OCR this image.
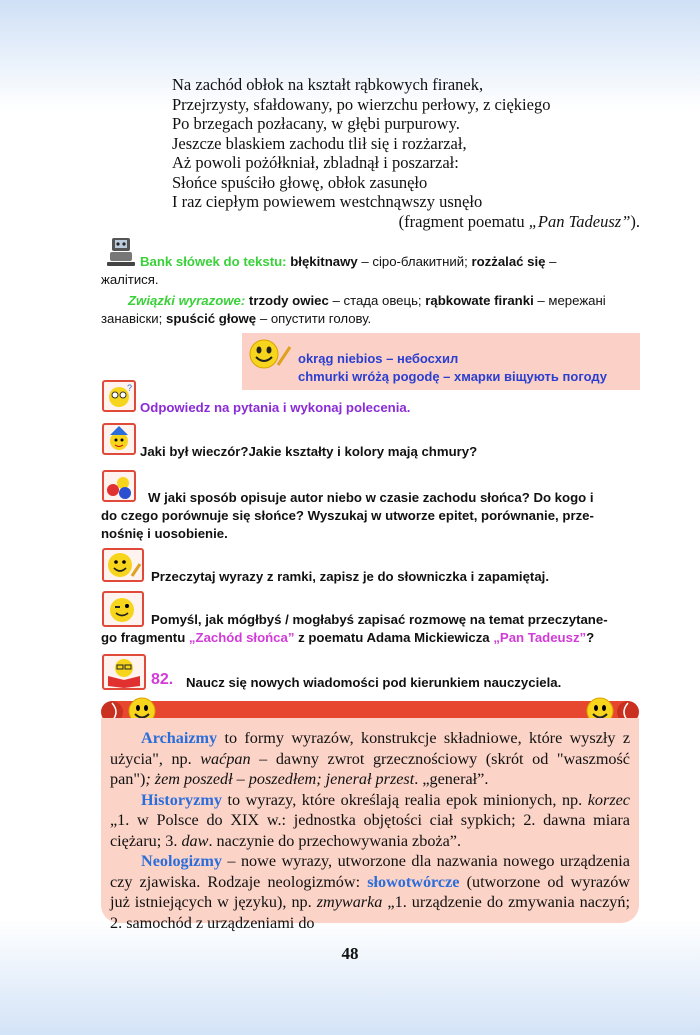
Na zachód obłok na kształt rąbkowych firanek,
Przejrzysty, sfałdowany, po wierzchu perłowy, z ciękiego
Po brzegach pozłacany, w głębi purpurowy.
Jeszcze blaskiem zachodu tlił się i rozżarzał,
Aż powoli pożółkniał, zbladnął i poszarzał:
Słońce spuściło głowę, obłok zasunęło
I raz ciepłym powiewem westchnąwszy usnęło
(fragment poematu „Pan Tadeusz”).
Bank słówek do tekstu: błękitnawy – сіро-блакитний; rozżalać się –
жалітися.
Związki wyrazowe: trzody owiec – стада овець; rąbkowate firanki – мережані
занавіски; spuścić głowę – опустити голову.
okrąg niebios – небосхил
chmurki wróżą pogodę – хмарки віщують погоду
?
Odpowiedz na pytania i wykonaj polecenia.
Jaki był wieczór?Jakie kształty i kolory mają chmury?
W jaki sposób opisuje autor niebo w czasie zachodu słońca? Do kogo i
do czego porównuje się słońce? Wyszukaj w utworze epitet, porównanie, prze-
nośnię i uosobienie.
Przeczytaj wyrazy z ramki, zapisz je do słowniczka i zapamiętaj.
Pomyśl, jak mógłbyś / mogłabyś zapisać rozmowę na temat przeczytane-
go fragmentu „Zachód słońca” z poematu Adama Mickiewicza „Pan Tadeusz”?
82. Naucz się nowych wiadomości pod kierunkiem nauczyciela.
Archaizmy to formy wyrazów, konstrukcje składniowe, które wyszły z użycia", np. waćpan – dawny zwrot grzecznościowy (skrót od "waszmość pan"); żem poszedł – poszedłem; jenerał przest. „generał”.
Historyzmy to wyrazy, które określają realia epok minionych, np. korzec „1. w Polsce do XIX w.: jednostka objętości ciał sypkich; 2. dawna miara ciężaru; 3. daw. naczynie do przechowywania zboża”.
Neologizmy – nowe wyrazy, utworzone dla nazwania nowego urządzenia czy zjawiska. Rodzaje neologizmów: słowotwórcze (utworzone od wyrazów już istniejących w języku), np. zmywarka „1. urządzenie do zmywania naczyń; 2. samochód z urządzeniami do
48
